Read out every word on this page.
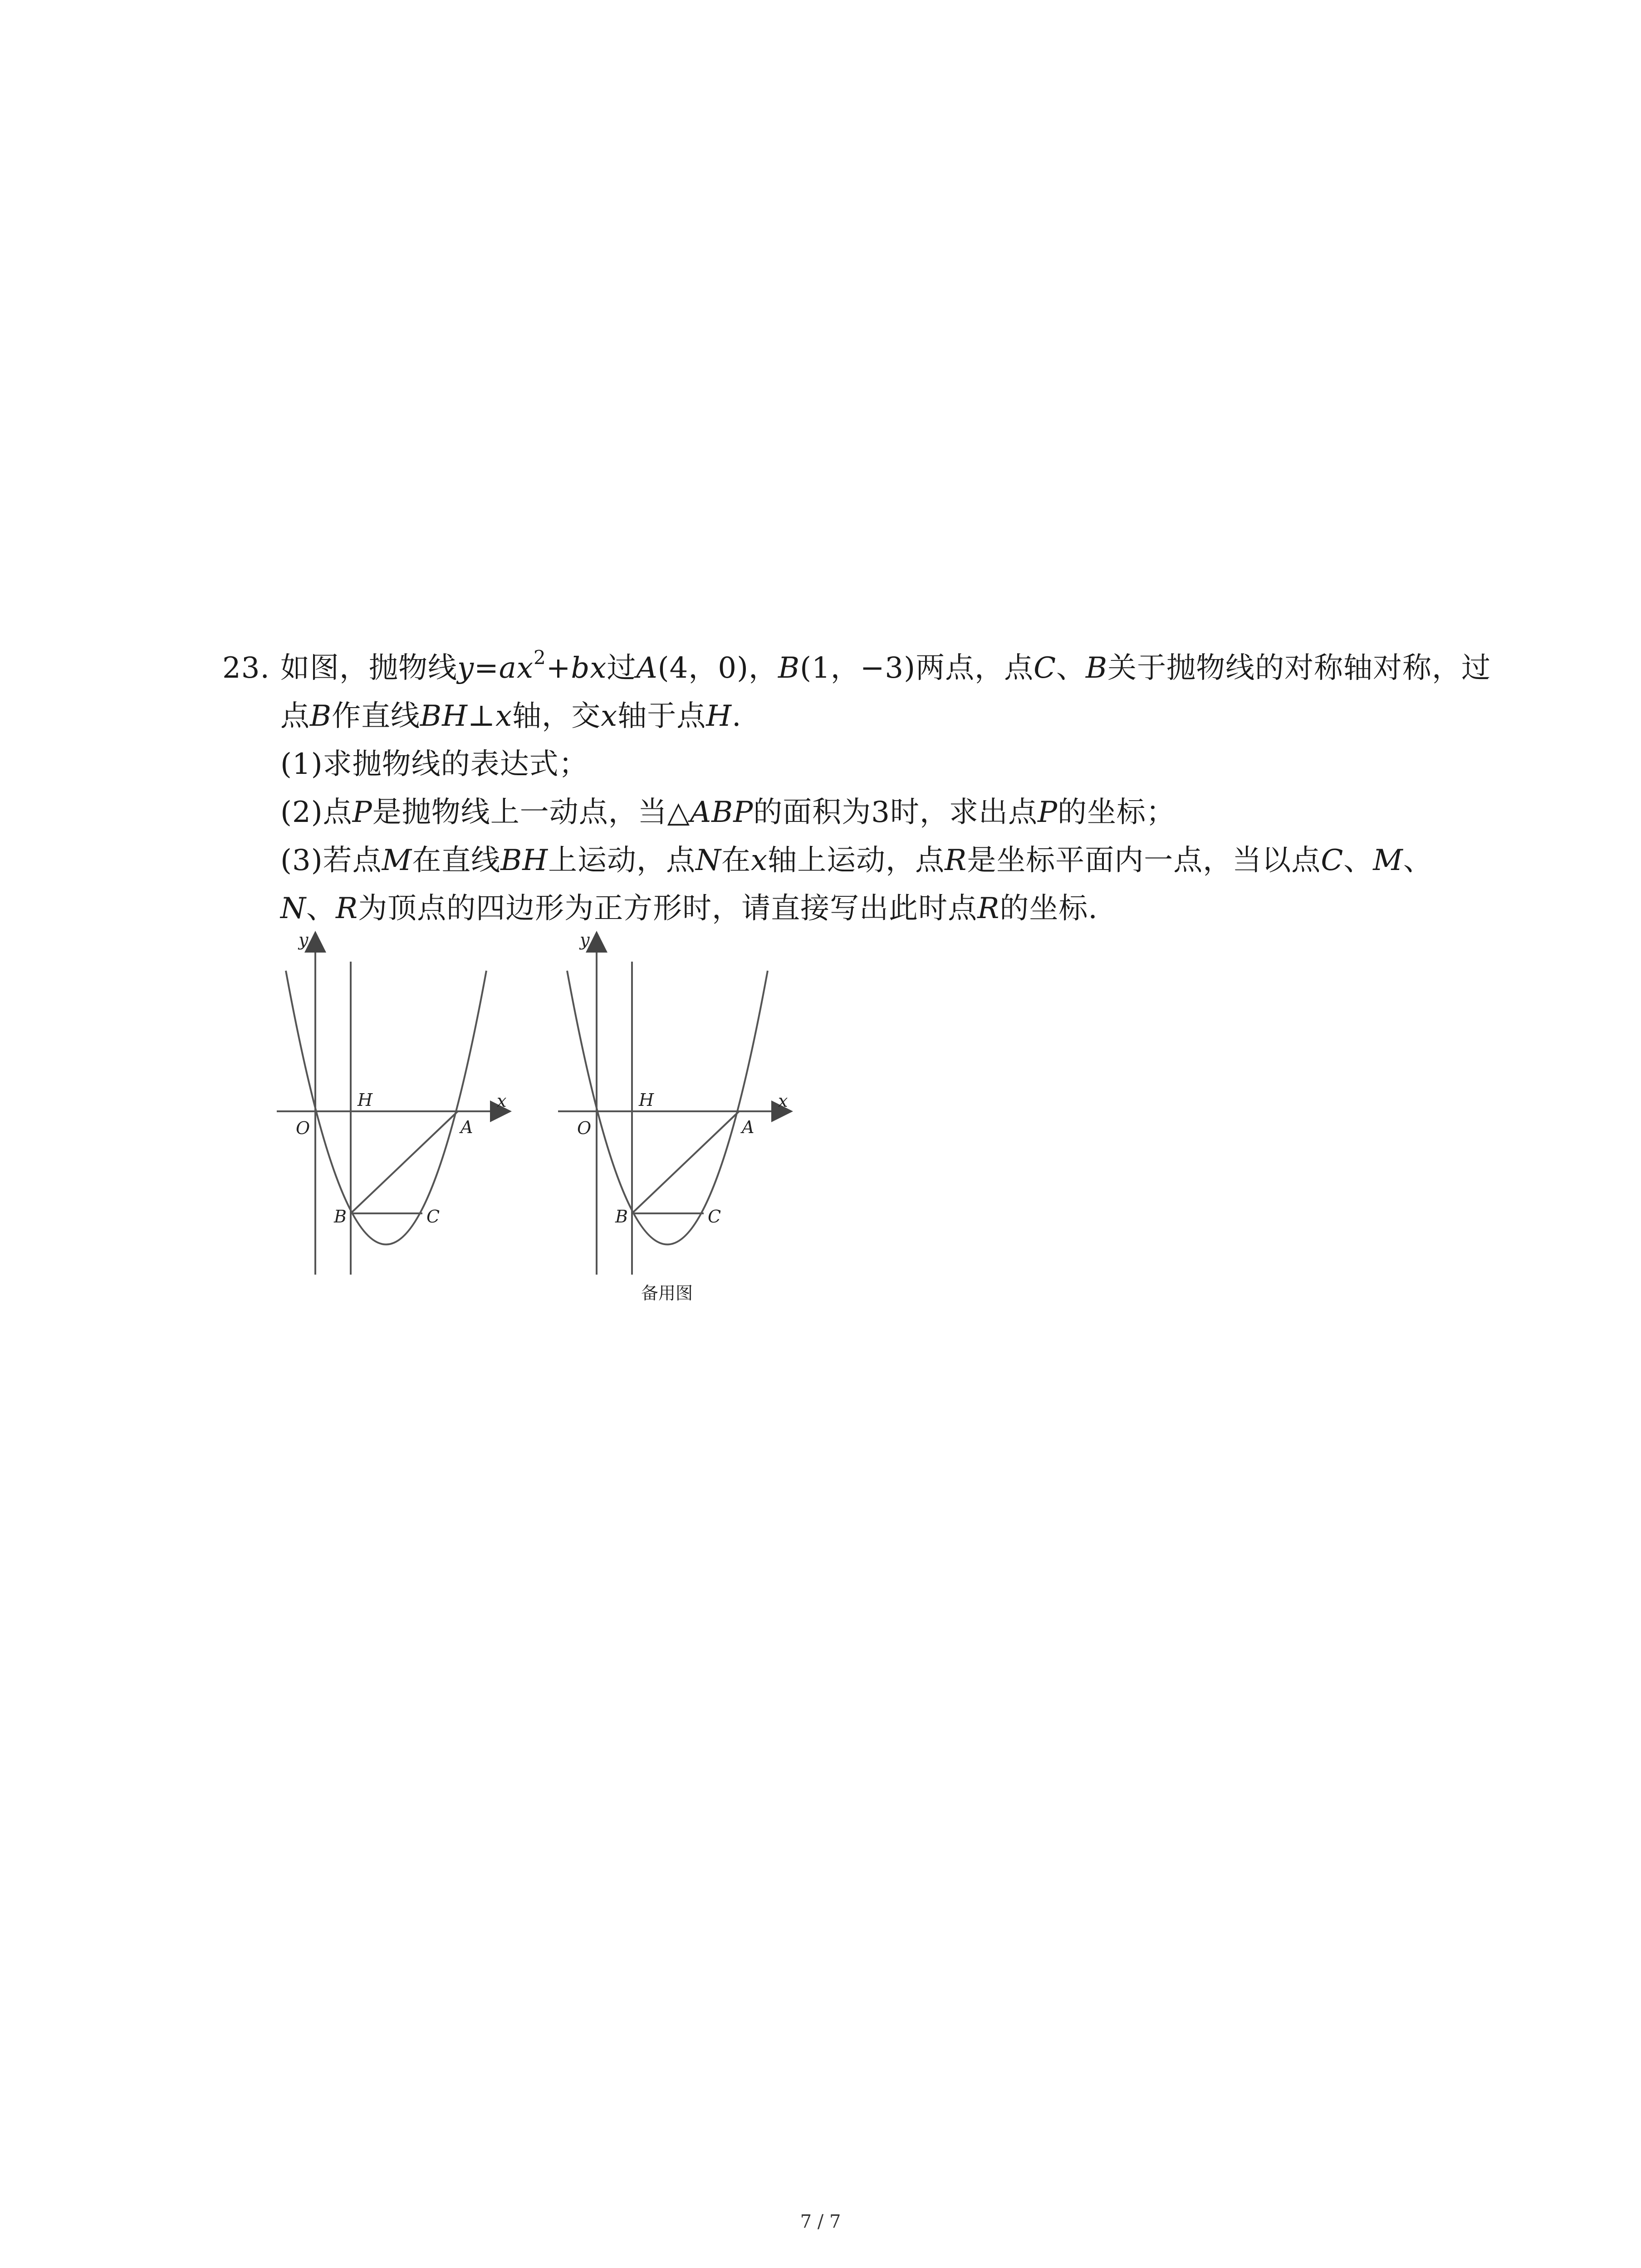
23. 如图，抛物线$y=ax^2+bx$过A(4，0)，B(1，−3)两点，点C、B关于抛物线的对称轴对称，过
点B作直线BH⊥x轴，交x轴于点H.
(1)求抛物线的表达式；
(2)点P是抛物线上一动点，当△ABP的面积为3时，求出点P的坐标；
(3)若点M在直线BH上运动，点N在x轴上运动，点R是坐标平面内一点，当以点C、M、
N、R为顶点的四边形为正方形时，请直接写出此时点R的坐标.
y
x
O
H
A
B	C
y
x
O
H
A
B	C
备用图
7 / 7
